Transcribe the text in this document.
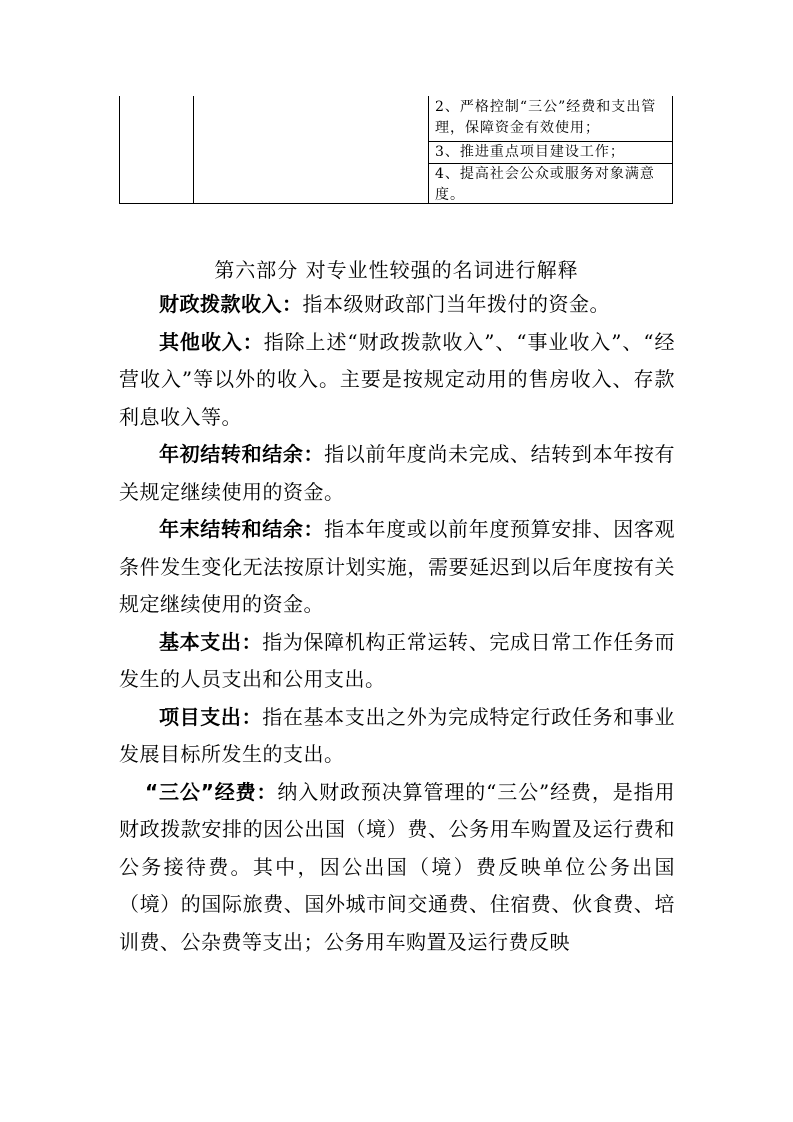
2、严格控制“三公”经费和支出管理，保障资金有效使用；
3、推进重点项目建设工作；
4、提高社会公众或服务对象满意度。
第六部分 对专业性较强的名词进行解释

财政拨款收入：指本级财政部门当年拨付的资金。

其他收入：指除上述“财政拨款收入”、“事业收入”、“经营收入”等以外的收入。主要是按规定动用的售房收入、存款利息收入等。

年初结转和结余：指以前年度尚未完成、结转到本年按有关规定继续使用的资金。

年末结转和结余：指本年度或以前年度预算安排、因客观条件发生变化无法按原计划实施，需要延迟到以后年度按有关规定继续使用的资金。

基本支出：指为保障机构正常运转、完成日常工作任务而发生的人员支出和公用支出。

项目支出：指在基本支出之外为完成特定行政任务和事业发展目标所发生的支出。

“三公”经费：纳入财政预决算管理的“三公”经费，是指用财政拨款安排的因公出国（境）费、公务用车购置及运行费和公务接待费。其中，因公出国（境）费反映单位公务出国（境）的国际旅费、国外城市间交通费、住宿费、伙食费、培训费、公杂费等支出；公务用车购置及运行费反映
